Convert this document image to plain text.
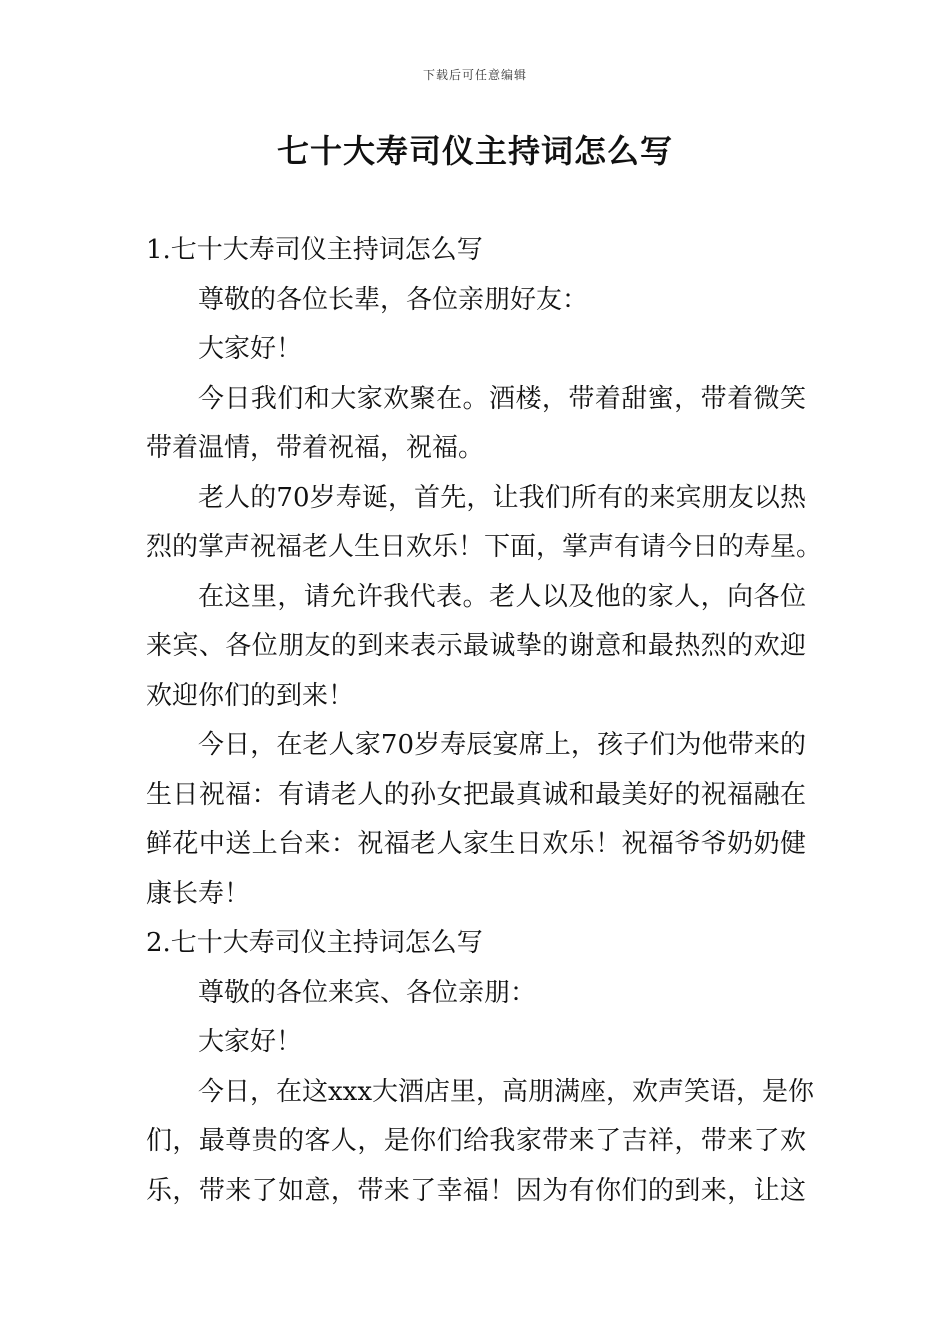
下载后可任意编辑
七十大寿司仪主持词怎么写

1.七十大寿司仪主持词怎么写

尊敬的各位长辈，各位亲朋好友：

大家好！

今日我们和大家欢聚在。酒楼，带着甜蜜，带着微笑

带着温情，带着祝福，祝福。

老人的70岁寿诞，首先，让我们所有的来宾朋友以热

烈的掌声祝福老人生日欢乐！下面，掌声有请今日的寿星。

在这里，请允许我代表。老人以及他的家人，向各位

来宾、各位朋友的到来表示最诚挚的谢意和最热烈的欢迎

欢迎你们的到来！

今日，在老人家70岁寿辰宴席上，孩子们为他带来的

生日祝福：有请老人的孙女把最真诚和最美好的祝福融在

鲜花中送上台来：祝福老人家生日欢乐！祝福爷爷奶奶健

康长寿！

2.七十大寿司仪主持词怎么写

尊敬的各位来宾、各位亲朋：

大家好！

今日，在这xxx大酒店里，高朋满座，欢声笑语，是你

们，最尊贵的客人，是你们给我家带来了吉祥，带来了欢

乐，带来了如意，带来了幸福！因为有你们的到来，让这
